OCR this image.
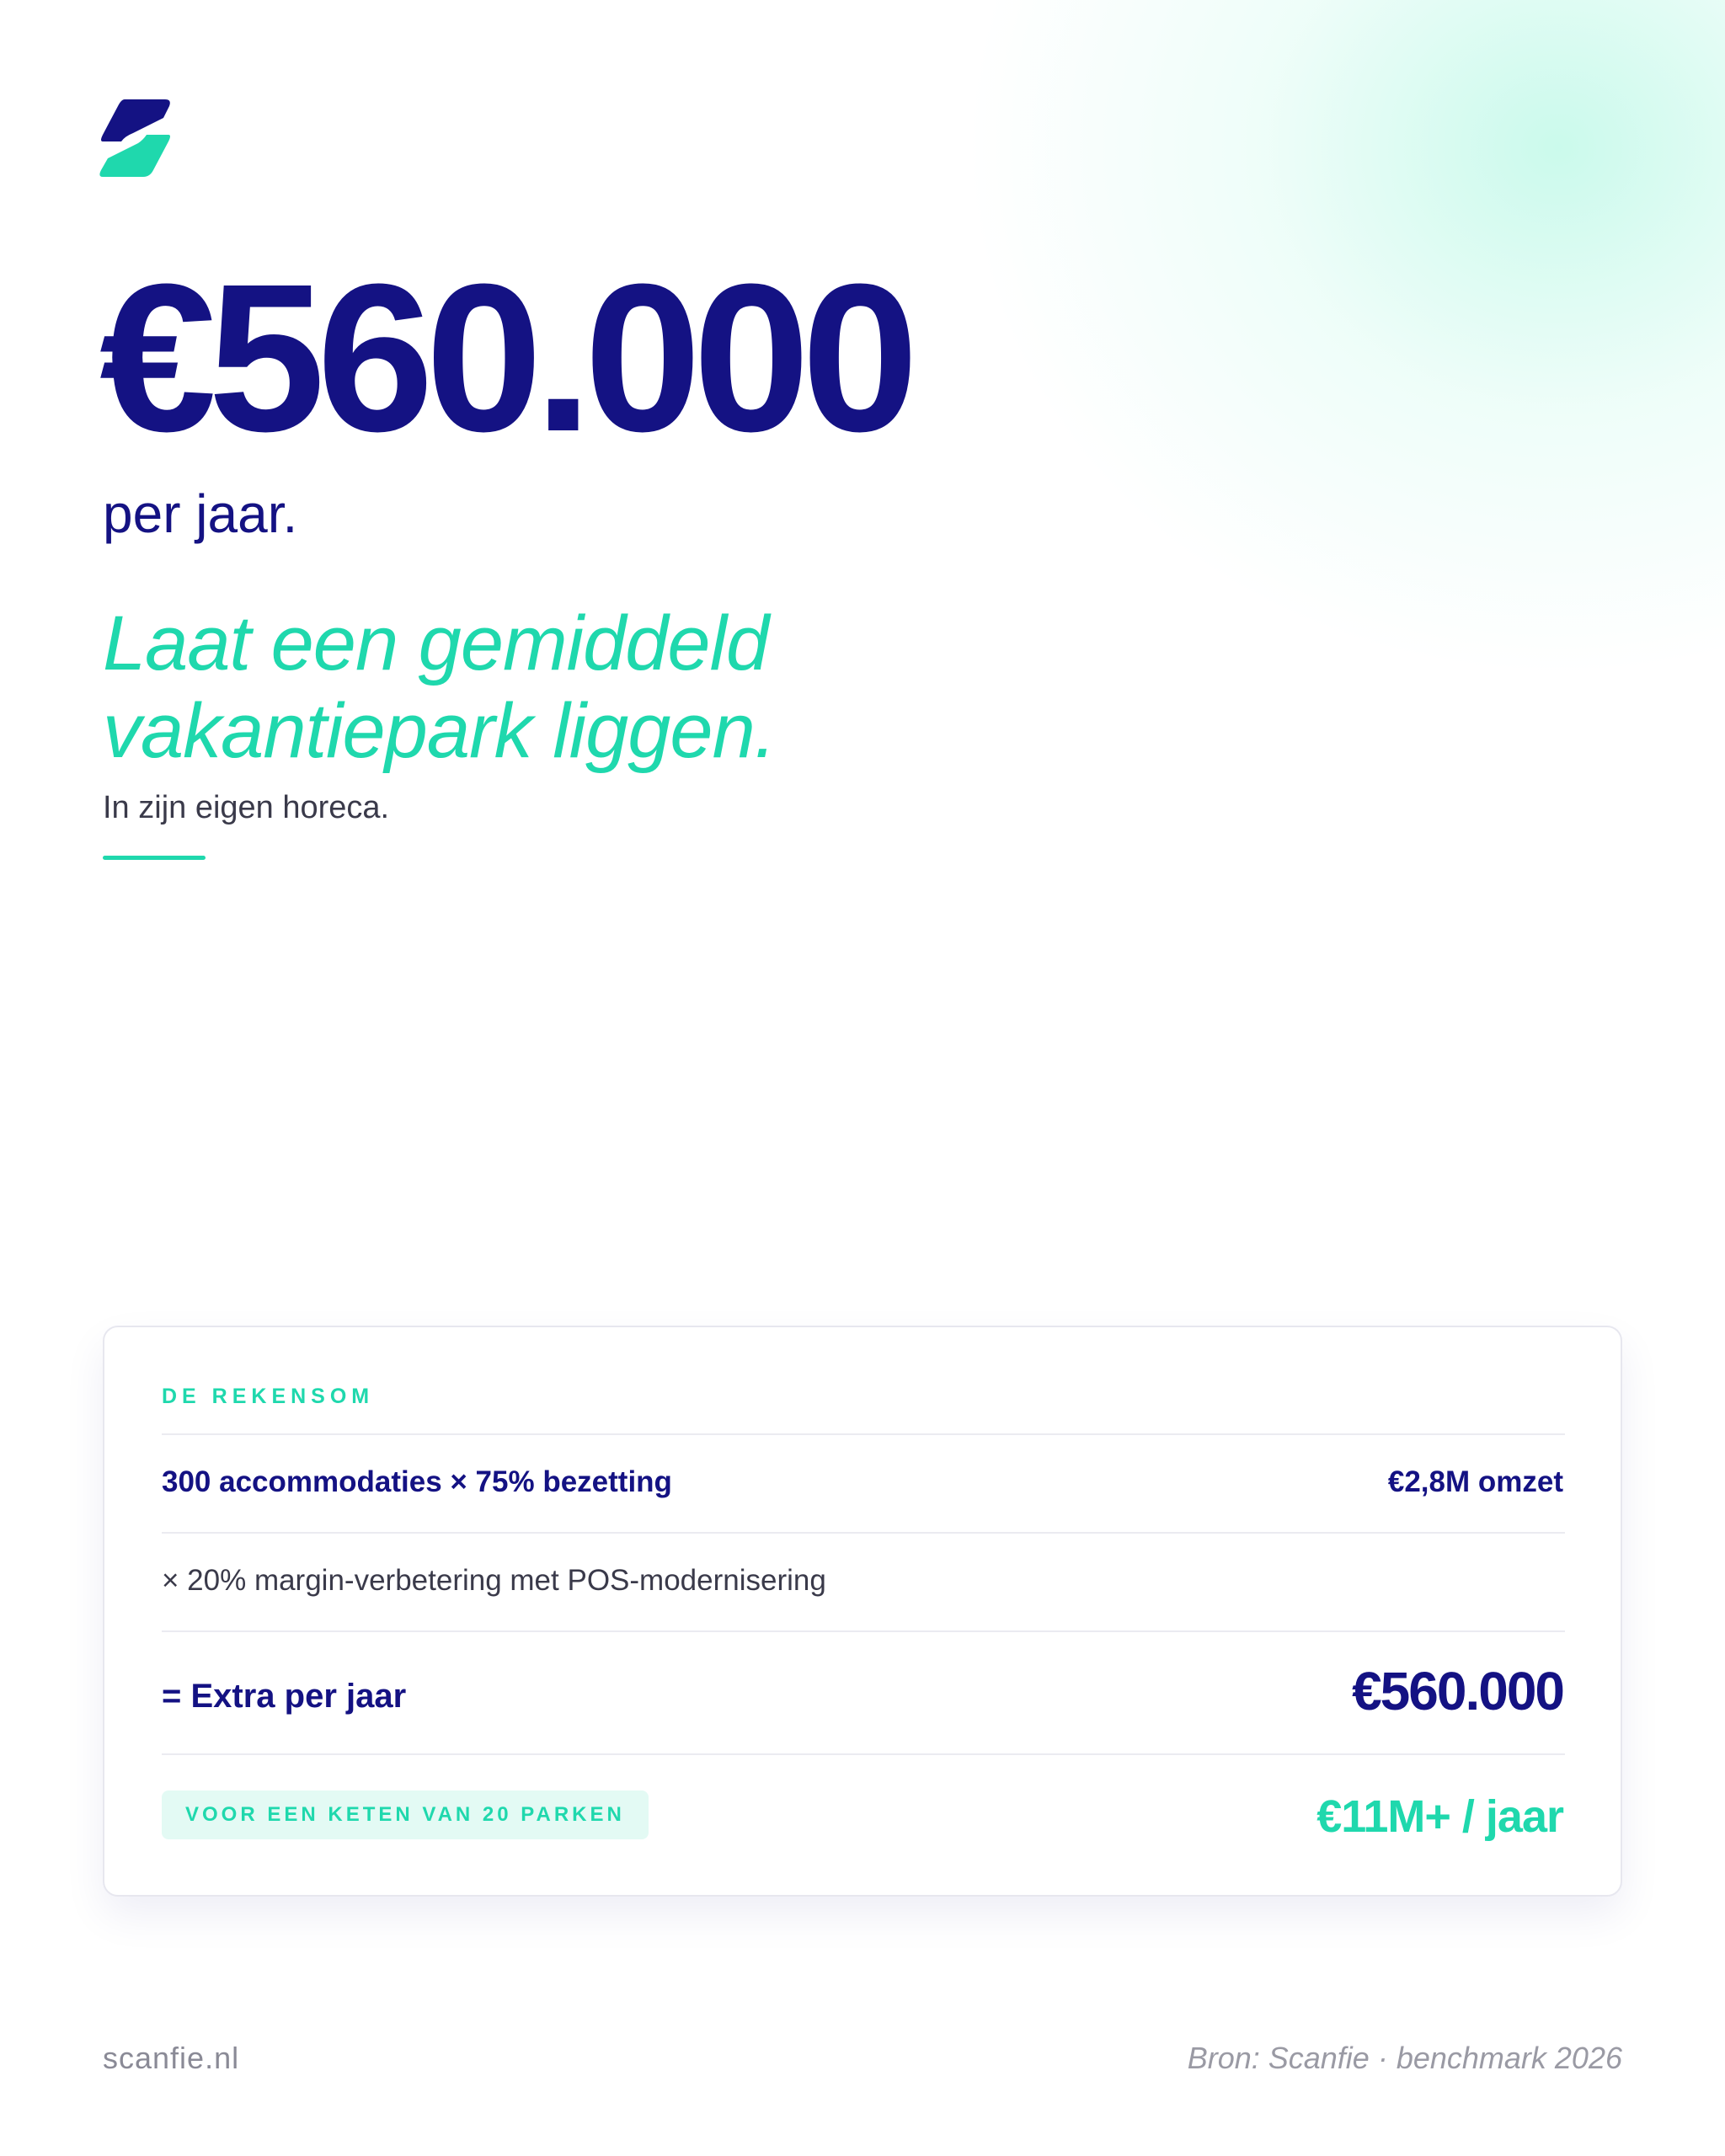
€560.000
per jaar.
Laat een gemiddeld
vakantiepark liggen.
In zijn eigen horeca.
DE REKENSOM
300 accommodaties × 75% bezetting	€2,8M omzet
× 20% margin-verbetering met POS-modernisering
= Extra per jaar	€560.000
VOOR EEN KETEN VAN 20 PARKEN	€11M+ / jaar
scanfie.nl	Bron: Scanfie · benchmark 2026
